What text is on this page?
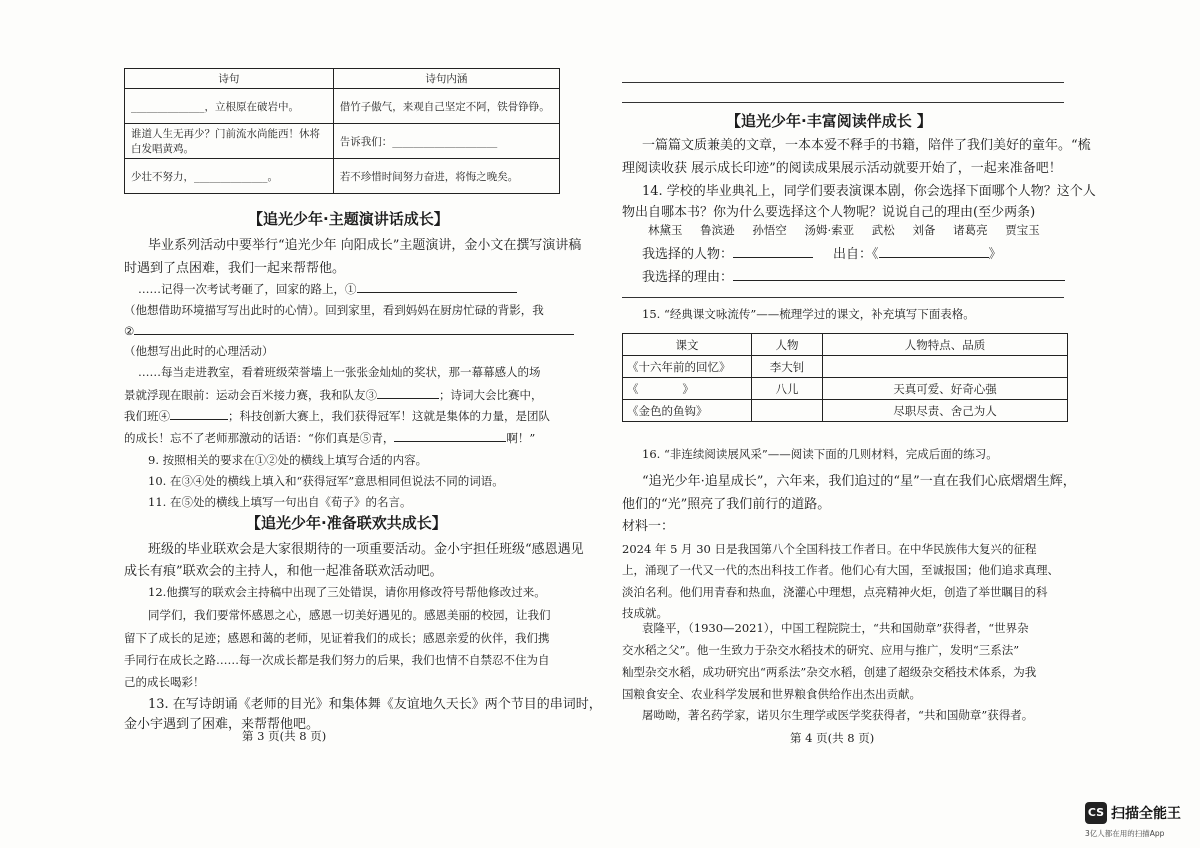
诗句	诗句内涵
______________，立根原在破岩中。	借竹子傲气，来观自己坚定不阿，铁骨铮铮。
谁道人生无再少？门前流水尚能西！休将白发唱黄鸡。	告诉我们：____________________
少壮不努力，______________。	若不珍惜时间努力奋进，将悔之晚矣。
【追光少年·主题演讲话成长】
毕业系列活动中要举行“追光少年 向阳成长”主题演讲，金小文在撰写演讲稿
时遇到了点困难，我们一起来帮帮他。
……记得一次考试考砸了，回家的路上，①
（他想借助环境描写写出此时的心情）。回到家里，看到妈妈在厨房忙碌的背影，我
②
（他想写出此时的心理活动）
……每当走进教室，看着班级荣誉墙上一张张金灿灿的奖状，那一幕幕感人的场
景就浮现在眼前：运动会百米接力赛，我和队友③	；诗词大会比赛中，
我们班④	；科技创新大赛上，我们获得冠军！这就是集体的力量，是团队
的成长！忘不了老师那激动的话语：“你们真是⑤青，	啊！”
9. 按照相关的要求在①②处的横线上填写合适的内容。
10. 在③④处的横线上填入和“获得冠军”意思相同但说法不同的词语。
11. 在⑤处的横线上填写一句出自《荀子》的名言。
【追光少年·准备联欢共成长】
班级的毕业联欢会是大家很期待的一项重要活动。金小宇担任班级“感恩遇见
成长有痕”联欢会的主持人，和他一起准备联欢活动吧。
12.他撰写的联欢会主持稿中出现了三处错误，请你用修改符号帮他修改过来。
同学们，我们要常怀感恩之心，感恩一切美好遇见的。感恩美丽的校园，让我们
留下了成长的足迹；感恩和蔼的老师，见证着我们的成长；感恩亲爱的伙伴，我们携
手同行在成长之路……每一次成长都是我们努力的后果，我们也情不自禁忍不住为自
己的成长喝彩！
13. 在写诗朗诵《老师的目光》和集体舞《友谊地久天长》两个节目的串词时，
金小宇遇到了困难，来帮帮他吧。
第 3 页(共 8 页)
【追光少年·丰富阅读伴成长 】
一篇篇文质兼美的文章，一本本爱不释手的书籍，陪伴了我们美好的童年。“梳
理阅读收获 展示成长印迹”的阅读成果展示活动就要开始了，一起来准备吧！
14. 学校的毕业典礼上，同学们要表演课本剧，你会选择下面哪个人物？这个人
物出自哪本书？你为什么要选择这个人物呢？说说自己的理由(至少两条)
林黛玉 鲁滨逊 孙悟空 汤姆·索亚 武松 刘备 诸葛亮 贾宝玉
我选择的人物：	出自：《	》
我选择的理由：
15. “经典课文咏流传”——梳理学过的课文，补充填写下面表格。
课文	人物	人物特点、品质
《十六年前的回忆》	李大钊	
《            》	八儿	天真可爱、好奇心强
《金色的鱼钩》		尽职尽责、舍己为人
16. “非连续阅读展风采”——阅读下面的几则材料，完成后面的练习。
“追光少年·追星成长”，六年来，我们追过的“星”一直在我们心底熠熠生辉，
他们的“光”照亮了我们前行的道路。
材料一：
2024 年 5 月 30 日是我国第八个全国科技工作者日。在中华民族伟大复兴的征程
上，涌现了一代又一代的杰出科技工作者。他们心有大国，至诚报国；他们追求真理、
淡泊名利。他们用青春和热血，浇灌心中理想，点亮精神火炬，创造了举世瞩目的科
技成就。
袁隆平，（1930—2021），中国工程院院士，“共和国勋章”获得者，“世界杂
交水稻之父”。他一生致力于杂交水稻技术的研究、应用与推广，发明“三系法”
籼型杂交水稻，成功研究出“两系法”杂交水稻，创建了超级杂交稻技术体系，为我
国粮食安全、农业科学发展和世界粮食供给作出杰出贡献。
第 4 页(共 8 页)
屠呦呦，著名药学家，诺贝尔生理学或医学奖获得者，“共和国勋章”获得者。
CS 扫描全能王
3亿人都在用的扫描App
